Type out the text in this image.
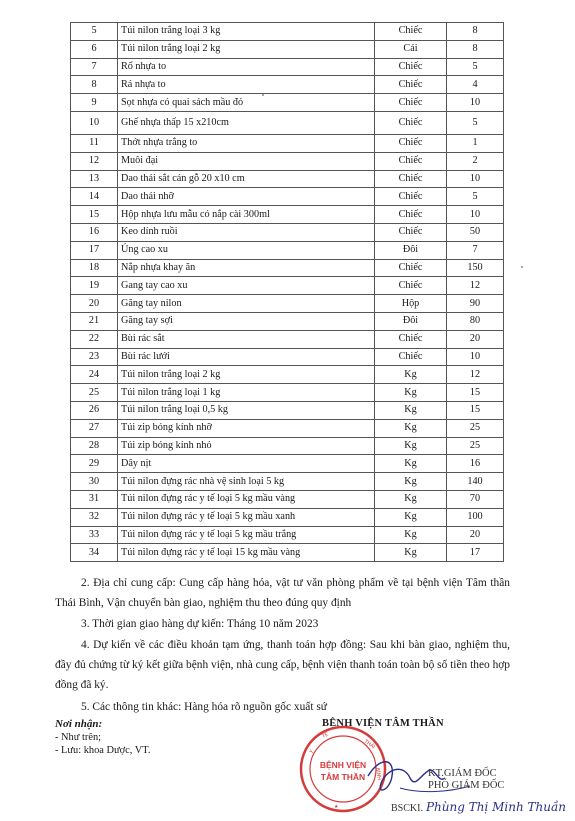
5	Túi nilon trắng loại 3 kg	Chiếc	8
6	Túi nilon trắng loại 2 kg	Cái	8
7	Rổ nhựa to	Chiếc	5
8	Rá nhựa to	Chiếc	4
9	Sọt nhựa có quai sách mầu đỏ	Chiếc	10
10	Ghế nhựa thấp 15 x210cm	Chiếc	5
11	Thớt nhựa trắng to	Chiếc	1
12	Muôi đại	Chiếc	2
13	Dao thái sắt cán gỗ 20 x10 cm	Chiếc	10
14	Dao thái nhỡ	Chiếc	5
15	Hộp nhựa lưu mẫu có nắp cài 300ml	Chiếc	10
16	Keo dính ruồi	Chiếc	50
17	Ủng cao xu	Đôi	7
18	Nắp nhựa khay ăn	Chiếc	150
19	Gang tay cao xu	Chiếc	12
20	Găng tay nilon	Hộp	90
21	Găng tay sợi	Đôi	80
22	Bùi rác sắt	Chiếc	20
23	Bùi rác lưới	Chiếc	10
24	Túi nilon trắng loại 2 kg	Kg	12
25	Túi nilon trắng loại 1 kg	Kg	15
26	Túi nilon trắng loại 0,5 kg	Kg	15
27	Túi zip bóng kính nhỡ	Kg	25
28	Túi zip bóng kính nhỏ	Kg	25
29	Dây nịt	Kg	16
30	Túi nilon đựng rác nhà vệ sinh loại 5 kg	Kg	140
31	Túi nilon đựng rác y tế loại 5 kg mầu vàng	Kg	70
32	Túi nilon đựng rác y tế loại 5 kg mầu xanh	Kg	100
33	Túi nilon đựng rác y tế loại 5 kg mầu trắng	Kg	20
34	Túi nilon đựng rác y tế loại 15 kg mầu vàng	Kg	17
2. Địa chỉ cung cấp: Cung cấp hàng hóa, vật tư văn phòng phẩm về tại bệnh viện Tâm thần Thái Bình, Vận chuyển bàn giao, nghiệm thu theo đúng quy định
3. Thời gian giao hàng dự kiến: Tháng 10 năm 2023
4. Dự kiến về các điều khoản tạm ứng, thanh toán hợp đồng: Sau khi bàn giao, nghiệm thu, đầy đủ chứng từ ký kết giữa bệnh viện, nhà cung cấp, bệnh viện thanh toán toàn bộ số tiền theo hợp đồng đã ký.
5. Các thông tin khác: Hàng hóa rõ nguồn gốc xuất sứ
Nơi nhận:
- Như trên;
- Lưu: khoa Dược, VT.
BỆNH VIỆN TÂM THẦN
Y
TẾ
THÁI
BÌNH
★
BỆNH VIỆN
TÂM THẦN	KT.GIÁM ĐỐC
PHÓ GIÁM ĐỐC
BSCKI. Phùng Thị Minh Thuần
